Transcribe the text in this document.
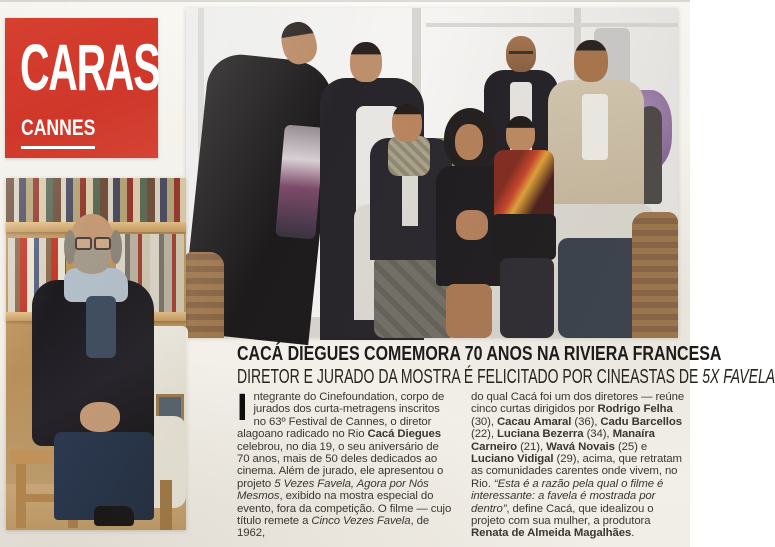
CARAS
CANNES
CACÁ DIEGUES COMEMORA 70 ANOS NA RIVIERA FRANCESA
DIRETOR E JURADO DA MOSTRA É FELICITADO POR CINEASTAS DE 5X FAVELA
Integrante do Cinefoundation, corpo de jurados dos curta-metragens inscritos no 63º Festival de Cannes, o diretor alagoano radicado no Rio Cacá Diegues celebrou, no dia 19, o seu aniversário de 70 anos, mais de 50 deles dedicados ao cinema. Além de jurado, ele apresentou o projeto 5 Vezes Favela, Agora por Nós Mesmos, exibido na mostra especial do evento, fora da competição. O filme — cujo título remete a Cinco Vezes Favela, de 1962,
do qual Cacá foi um dos diretores — reúne cinco curtas dirigidos por Rodrigo Felha (30), Cacau Amaral (36), Cadu Barcellos (22), Luciana Bezerra (34), Manaíra Carneiro (21), Wavá Novais (25) e Luciano Vidigal (29), acima, que retratam as comunidades carentes onde vivem, no Rio. “Esta é a razão pela qual o filme é interessante: a favela é mostrada por dentro”, define Cacá, que idealizou o projeto com sua mulher, a produtora Renata de Almeida Magalhães.
